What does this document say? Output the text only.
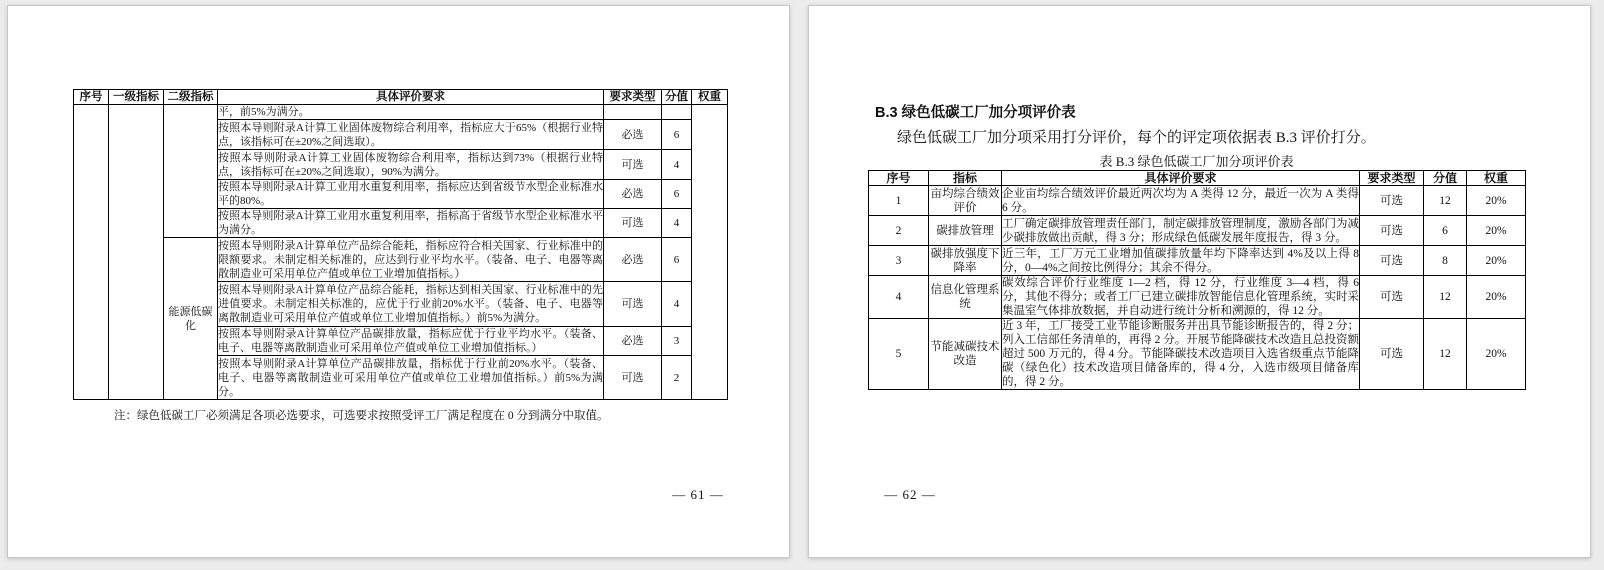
序号	一级指标	二级指标	具体评价要求	要求类型	分值	权重
			平，前5%为满分。			
			按照本导则附录A计算工业固体废物综合利用率，指标应大于65%（根据行业特点，该指标可在±20%之间选取）。	必选	6	
			按照本导则附录A计算工业固体废物综合利用率，指标达到73%（根据行业特点，该指标可在±20%之间选取），90%为满分。	可选	4	
			按照本导则附录A计算工业用水重复利用率，指标应达到省级节水型企业标准水平的80%。	必选	6	
			按照本导则附录A计算工业用水重复利用率，指标高于省级节水型企业标准水平为满分。	可选	4	
		能源低碳化	按照本导则附录A计算单位产品综合能耗，指标应符合相关国家、行业标准中的限额要求。未制定相关标准的，应达到行业平均水平。（装备、电子、电器等离散制造业可采用单位产值或单位工业增加值指标。）	必选	6	
			按照本导则附录A计算单位产品综合能耗，指标达到相关国家、行业标准中的先进值要求。未制定相关标准的，应优于行业前20%水平。（装备、电子、电器等离散制造业可采用单位产值或单位工业增加值指标。）前5%为满分。	可选	4	
			按照本导则附录A计算单位产品碳排放量，指标应优于行业平均水平。（装备、电子、电器等离散制造业可采用单位产值或单位工业增加值指标。）	必选	3	
			按照本导则附录A计算单位产品碳排放量，指标优于行业前20%水平。（装备、电子、电器等离散制造业可采用单位产值或单位工业增加值指标。）前5%为满分。	可选	2	
注：绿色低碳工厂必须满足各项必选要求，可选要求按照受评工厂满足程度在 0 分到满分中取值。
— 61 —
B.3 绿色低碳工厂加分项评价表
绿色低碳工厂加分项采用打分评价，每个的评定项依据表 B.3 评价打分。
表 B.3 绿色低碳工厂加分项评价表
序号	指标	具体评价要求	要求类型	分值	权重
1	亩均综合绩效评价	企业亩均综合绩效评价最近两次均为 A 类得 12 分，最近一次为 A 类得 6 分。	可选	12	20%
2	碳排放管理	工厂确定碳排放管理责任部门，制定碳排放管理制度，激励各部门为减少碳排放做出贡献，得 3 分；形成绿色低碳发展年度报告，得 3 分。	可选	6	20%
3	碳排放强度下降率	近三年，工厂万元工业增加值碳排放量年均下降率达到 4%及以上得 8 分，0—4%之间按比例得分；其余不得分。	可选	8	20%
4	信息化管理系统	碳效综合评价行业维度 1—2 档，得 12 分，行业维度 3—4 档，得 6 分，其他不得分；或者工厂已建立碳排放智能信息化管理系统，实时采集温室气体排放数据，并自动进行统计分析和溯源的，得 12 分。	可选	12	20%
5	节能减碳技术改造	近 3 年，工厂接受工业节能诊断服务并出具节能诊断报告的，得 2 分；列入工信部任务清单的，再得 2 分。开展节能降碳技术改造且总投资额超过 500 万元的，得 4 分。节能降碳技术改造项目入选省级重点节能降碳（绿色化）技术改造项目储备库的，得 4 分，入选市级项目储备库的，得 2 分。	可选	12	20%
— 62 —
